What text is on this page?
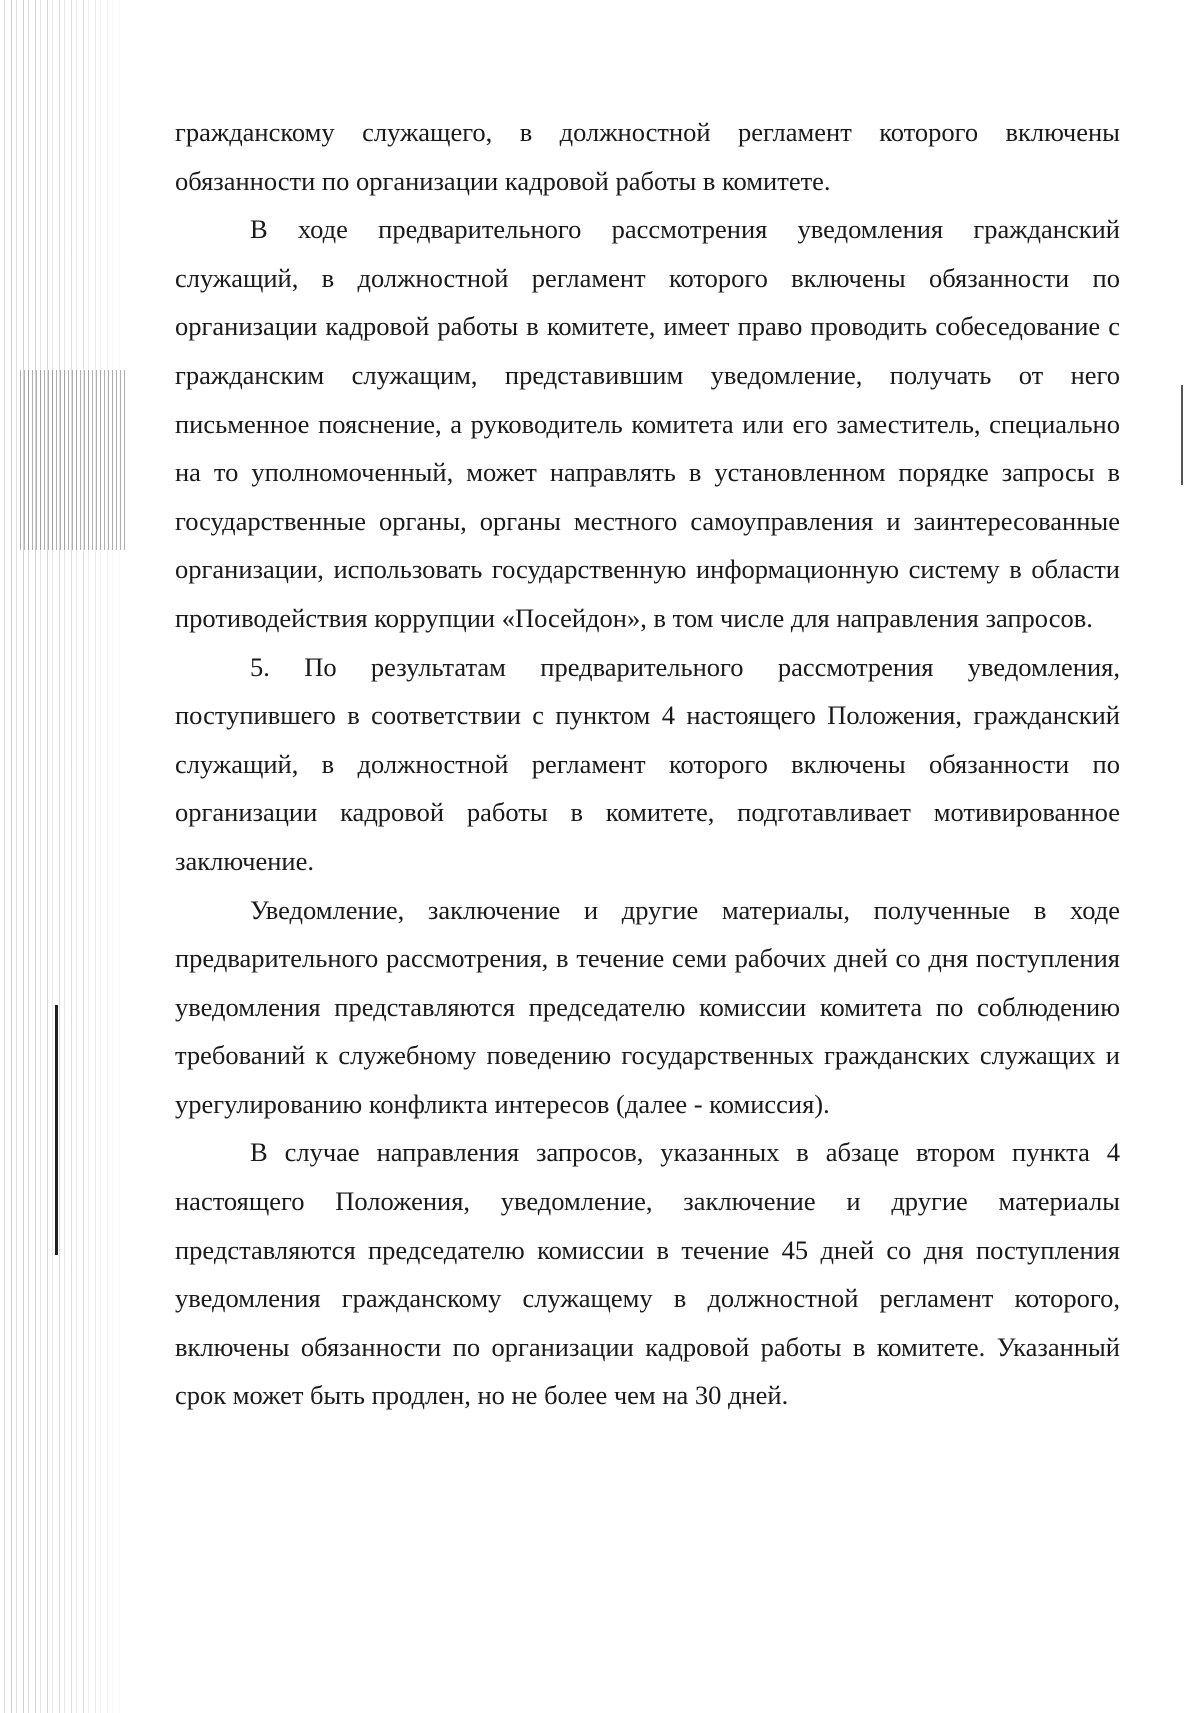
гражданскому служащего, в должностной регламент которого включены обязанности по организации кадровой работы в комитете.

В ходе предварительного рассмотрения уведомления гражданский служащий, в должностной регламент которого включены обязанности по организации кадровой работы в комитете, имеет право проводить собеседование с гражданским служащим, представившим уведомление, получать от него письменное пояснение, а руководитель комитета или его заместитель, специально на то уполномоченный, может направлять в установленном порядке запросы в государственные органы, органы местного самоуправления и заинтересованные организации, использовать государственную информационную систему в области противодействия коррупции «Посейдон», в том числе для направления запросов.

5. По результатам предварительного рассмотрения уведомления, поступившего в соответствии с пунктом 4 настоящего Положения, гражданский служащий, в должностной регламент которого включены обязанности по организации кадровой работы в комитете, подготавливает мотивированное заключение.

Уведомление, заключение и другие материалы, полученные в ходе предварительного рассмотрения, в течение семи рабочих дней со дня поступления уведомления представляются председателю комиссии комитета по соблюдению требований к служебному поведению государственных гражданских служащих и урегулированию конфликта интересов (далее - комиссия).

В случае направления запросов, указанных в абзаце втором пункта 4 настоящего Положения, уведомление, заключение и другие материалы представляются председателю комиссии в течение 45 дней со дня поступления уведомления гражданскому служащему в должностной регламент которого, включены обязанности по организации кадровой работы в комитете. Указанный срок может быть продлен, но не более чем на 30 дней.
